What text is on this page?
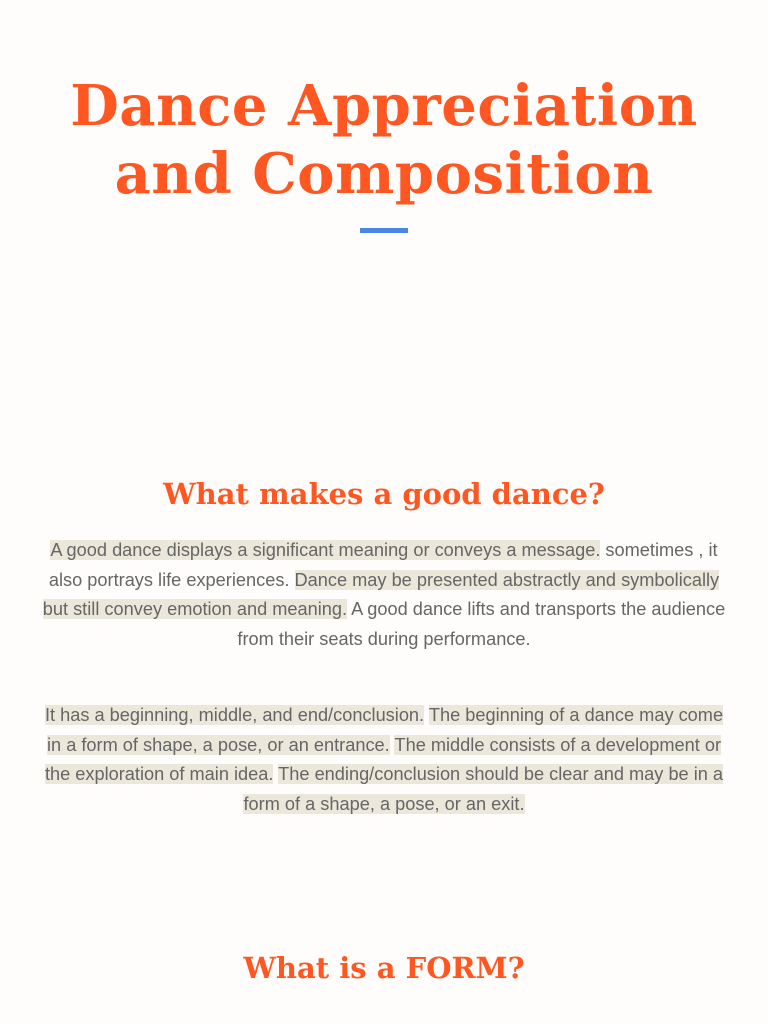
Dance Appreciation
and Composition
What makes a good dance?

A good dance displays a significant meaning or conveys a message. sometimes , it also portrays life experiences. Dance may be presented abstractly and symbolically but still convey emotion and meaning. A good dance lifts and transports the audience from their seats during performance.

It has a beginning, middle, and end/conclusion. The beginning of a dance may come in a form of shape, a pose, or an entrance. The middle consists of a development or the exploration of main idea. The ending/conclusion should be clear and may be in a form of a shape, a pose, or an exit.

What is a FORM?
